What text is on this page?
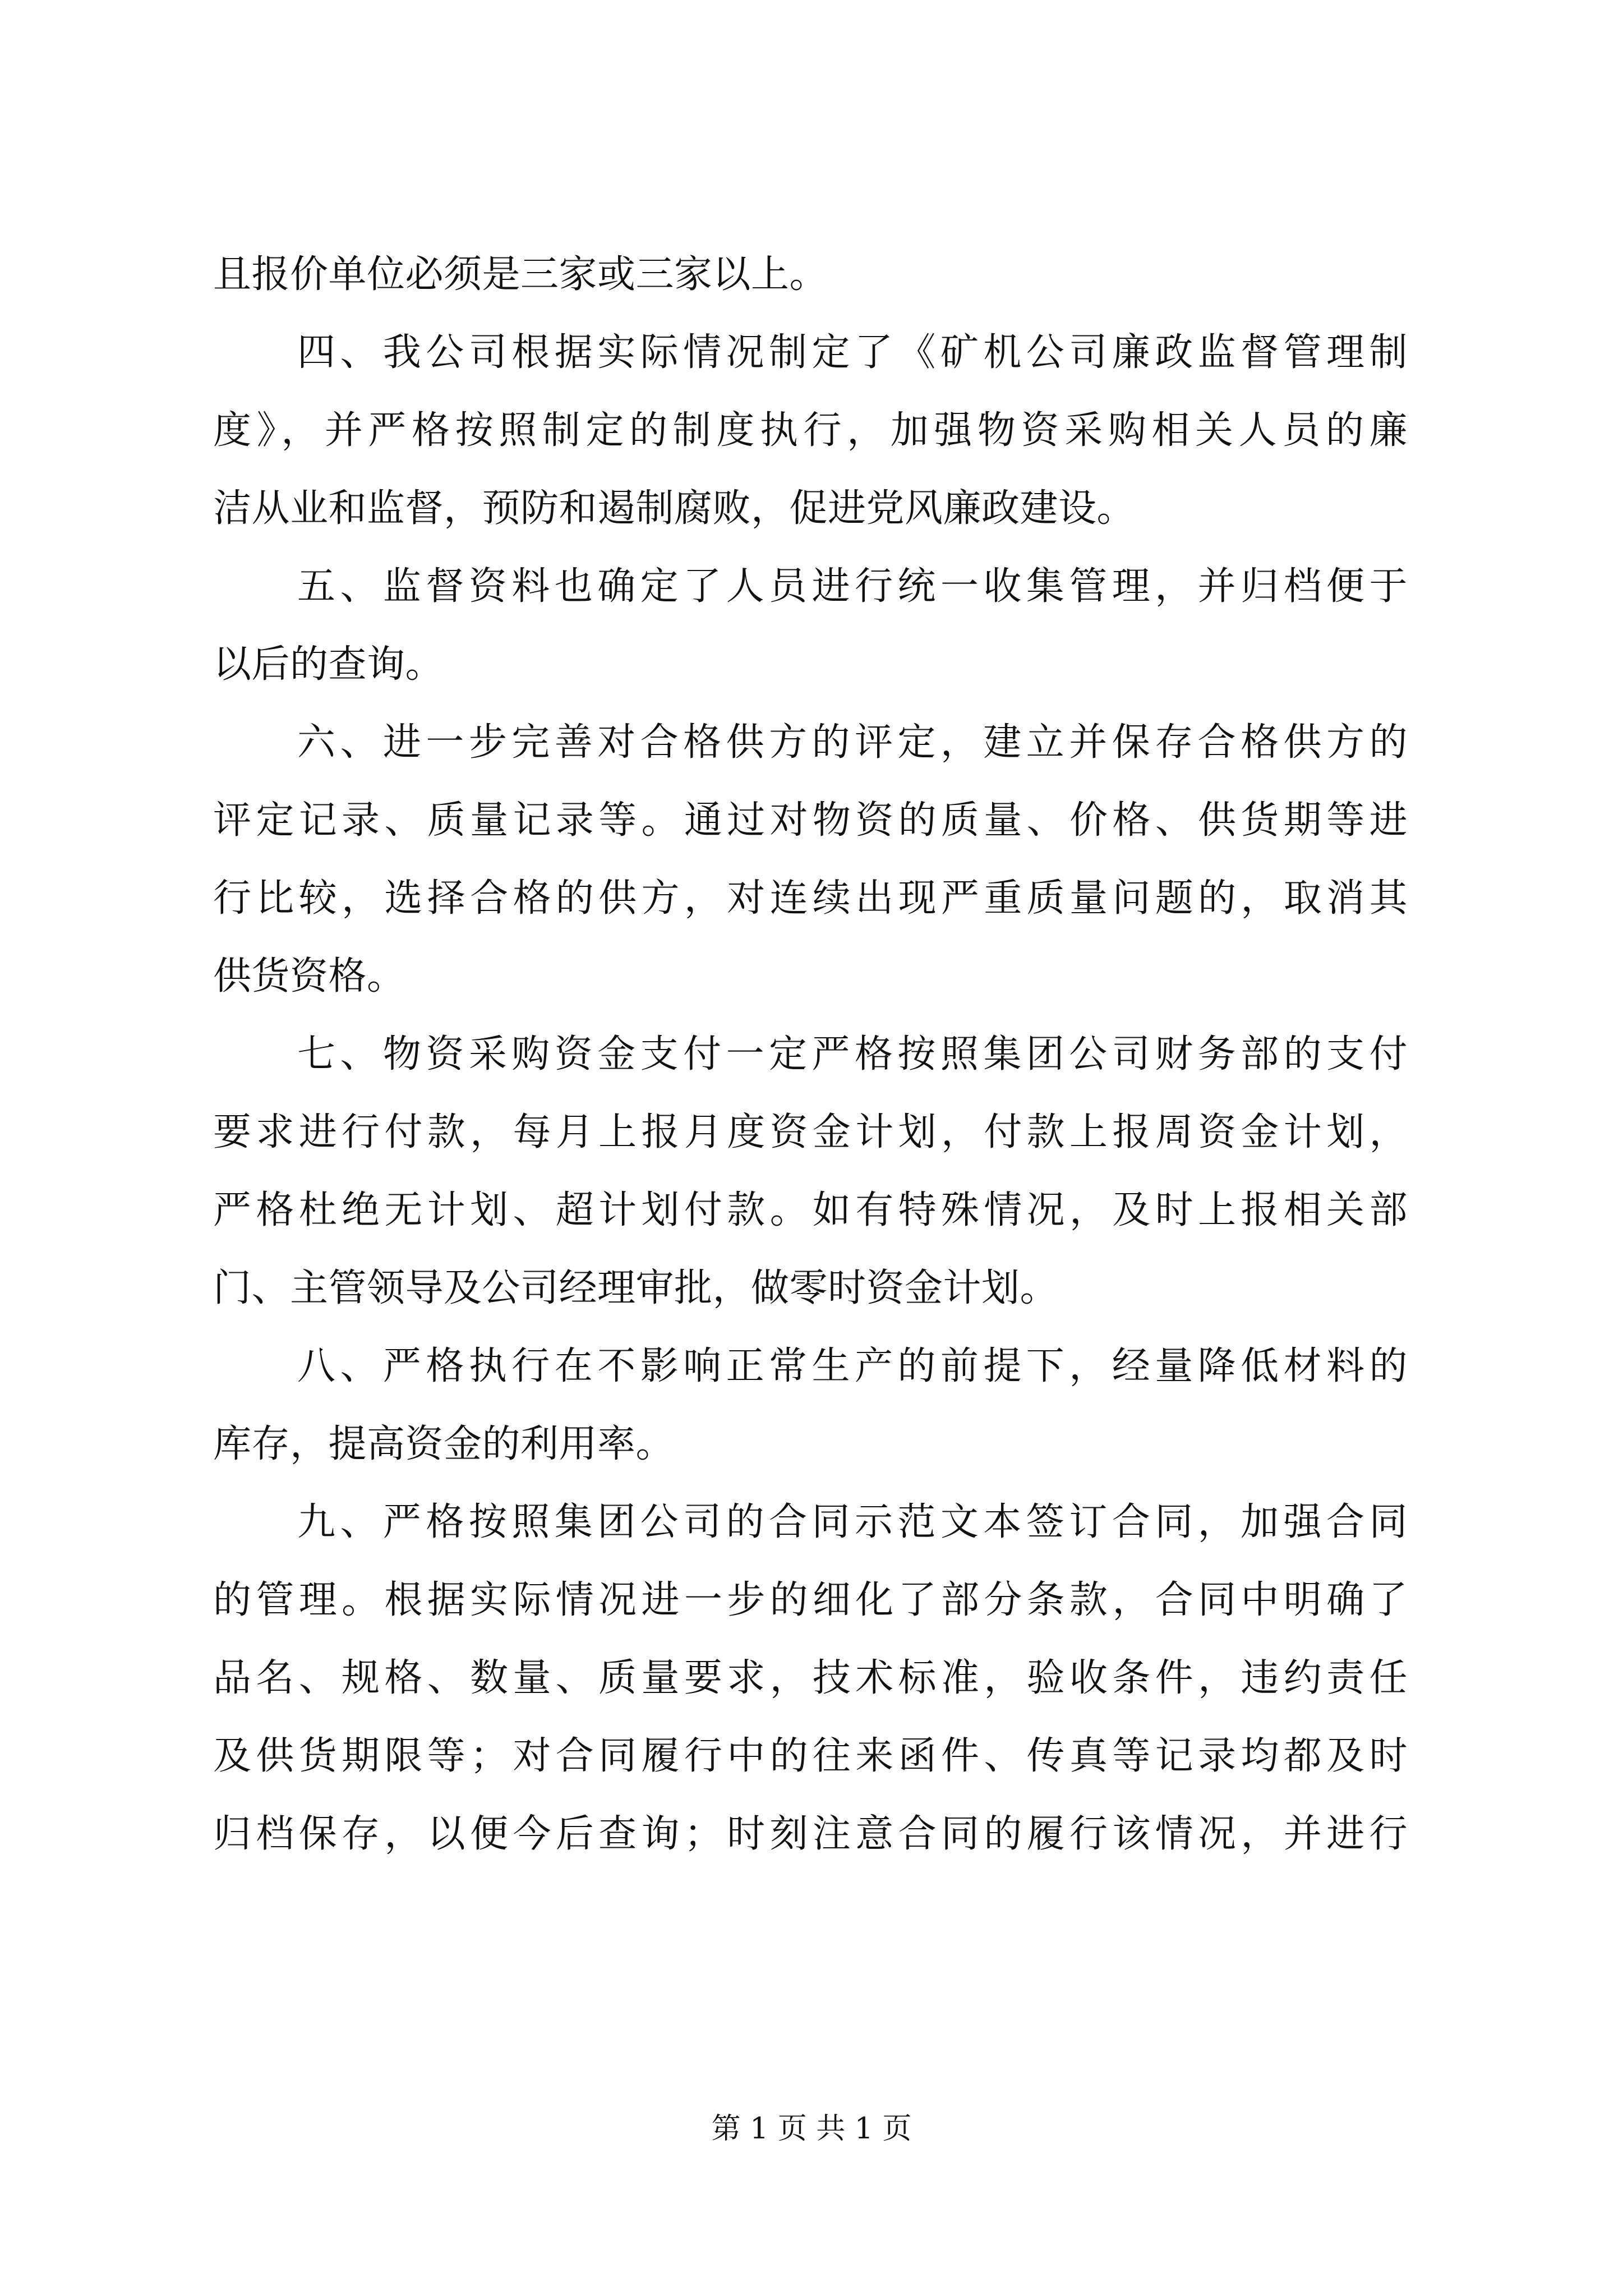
且报价单位必须是三家或三家以上。
四、我公司根据实际情况制定了《矿机公司廉政监督管理制
度》，并严格按照制定的制度执行，加强物资采购相关人员的廉
洁从业和监督，预防和遏制腐败，促进党风廉政建设。
五、监督资料也确定了人员进行统一收集管理，并归档便于
以后的查询。
六、进一步完善对合格供方的评定，建立并保存合格供方的
评定记录、质量记录等。通过对物资的质量、价格、供货期等进
行比较，选择合格的供方，对连续出现严重质量问题的，取消其
供货资格。
七、物资采购资金支付一定严格按照集团公司财务部的支付
要求进行付款，每月上报月度资金计划，付款上报周资金计划，
严格杜绝无计划、超计划付款。如有特殊情况，及时上报相关部
门、主管领导及公司经理审批，做零时资金计划。
八、严格执行在不影响正常生产的前提下，经量降低材料的
库存，提高资金的利用率。
九、严格按照集团公司的合同示范文本签订合同，加强合同
的管理。根据实际情况进一步的细化了部分条款，合同中明确了
品名、规格、数量、质量要求，技术标准，验收条件，违约责任
及供货期限等；对合同履行中的往来函件、传真等记录均都及时
归档保存，以便今后查询；时刻注意合同的履行该情况，并进行
第 1 页 共 1 页
